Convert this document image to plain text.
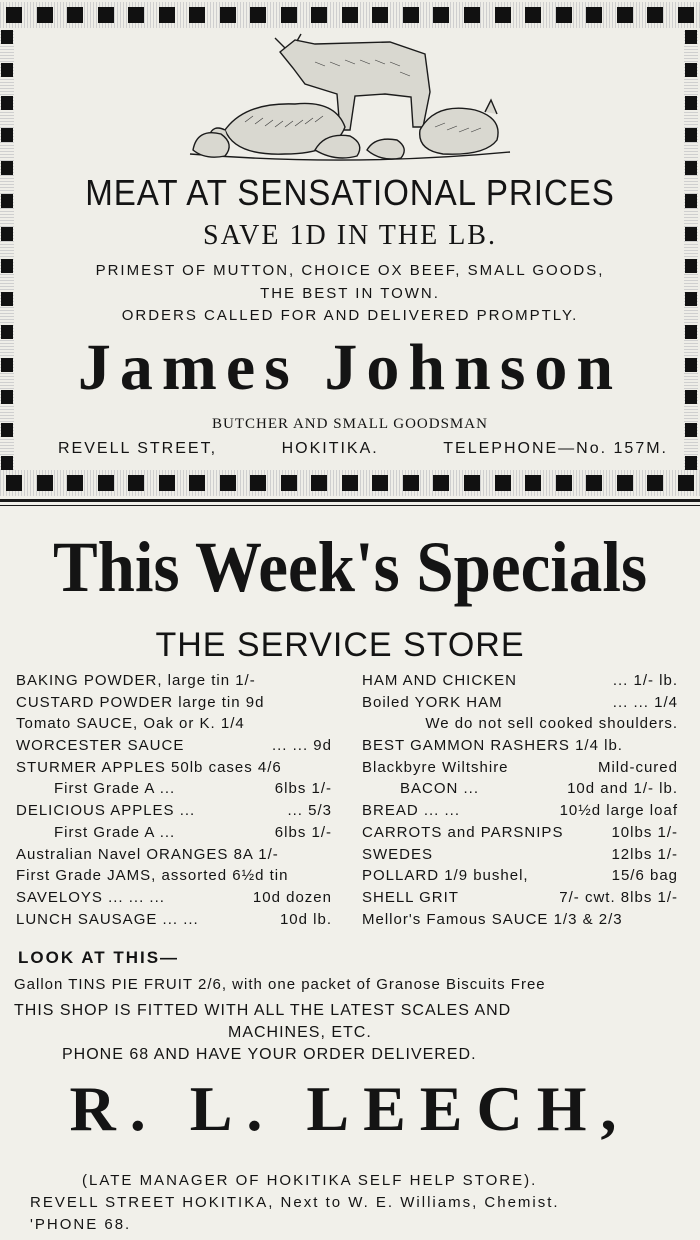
MEAT AT SENSATIONAL PRICES
SAVE 1D IN THE LB.
PRIMEST OF MUTTON, CHOICE OX BEEF, SMALL GOODS,
THE BEST IN TOWN.
ORDERS CALLED FOR AND DELIVERED PROMPTLY.
James Johnson
BUTCHER AND SMALL GOODSMAN
REVELL STREET,	HOKITIKA.	TELEPHONE—No. 157M.
This Week's Specials
THE SERVICE STORE
BAKING POWDER, large tin 1/-
CUSTARD POWDER large tin 9d
Tomato SAUCE, Oak or K. 1/4
WORCESTER SAUCE	... ... 9d
STURMER APPLES 50lb cases 4/6
First Grade A ...	6lbs 1/-
DELICIOUS APPLES ...	... 5/3
First Grade A ...	6lbs 1/-
Australian Navel ORANGES 8A 1/-
First Grade JAMS, assorted 6½d tin
SAVELOYS ... ... ...	10d dozen
LUNCH SAUSAGE ... ...	10d lb.
HAM AND CHICKEN	... 1/- lb.
Boiled YORK HAM	... ... 1/4
We do not sell cooked shoulders.
BEST GAMMON RASHERS 1/4 lb.
Blackbyre Wiltshire	Mild-cured
BACON ...	10d and 1/- lb.
BREAD ... ...	10½d large loaf
CARROTS and PARSNIPS	10lbs 1/-
SWEDES	12lbs 1/-
POLLARD 1/9 bushel,	15/6 bag
SHELL GRIT	7/- cwt. 8lbs 1/-
Mellor's Famous SAUCE 1/3 & 2/3
LOOK AT THIS—
Gallon TINS PIE FRUIT 2/6, with one packet of Granose Biscuits Free
THIS SHOP IS FITTED WITH ALL THE LATEST SCALES AND
MACHINES, ETC.
PHONE 68 AND HAVE YOUR ORDER DELIVERED.
R. L. LEECH,
(LATE MANAGER OF HOKITIKA SELF HELP STORE).
REVELL STREET HOKITIKA, Next to W. E. Williams, Chemist.
'PHONE 68.
